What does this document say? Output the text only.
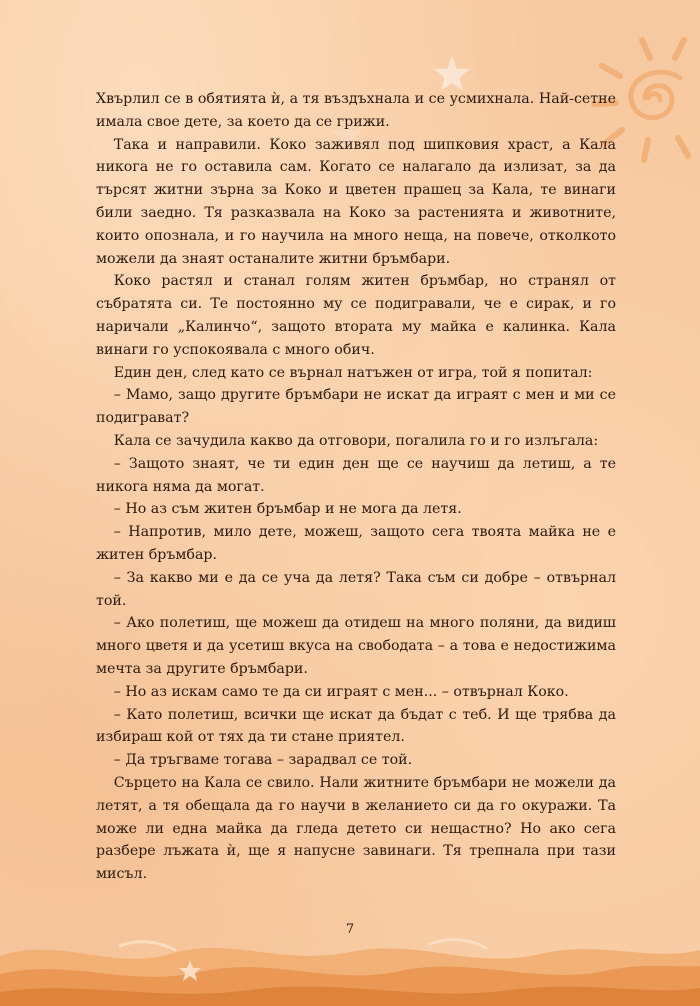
Хвърлил се в обятията ѝ, а тя въздъхнала и се усмихнала. Най-сетне имала свое дете, за което да се грижи.

Така и направили. Коко заживял под шипковия храст, а Кала никога не го оставила сам. Когато се налагало да излизат, за да търсят житни зърна за Коко и цветен прашец за Кала, те винаги били заедно. Тя разказвала на Коко за растенията и животните, които опознала, и го научила на много неща, на повече, отколкото можели да знаят останалите житни бръмбари.

Коко растял и станал голям житен бръмбар, но странял от събратята си. Те постоянно му се подигравали, че е сирак, и го наричали „Калинчо“, защото втората му майка е калинка. Кала винаги го успокоявала с много обич.

Един ден, след като се върнал натъжен от игра, той я попитал:

– Мамо, защо другите бръмбари не искат да играят с мен и ми се подиграват?

Кала се зачудила какво да отговори, погалила го и го излъгала:

– Защото знаят, че ти един ден ще се научиш да летиш, а те никога няма да могат.

– Но аз съм житен бръмбар и не мога да летя.

– Напротив, мило дете, можеш, защото сега твоята майка не е житен бръмбар.

– За какво ми е да се уча да летя? Така съм си добре – отвърнал той.

– Ако полетиш, ще можеш да отидеш на много поляни, да видиш много цветя и да усетиш вкуса на свободата – а това е недостижима мечта за другите бръмбари.

– Но аз искам само те да си играят с мен... – отвърнал Коко.

– Като полетиш, всички ще искат да бъдат с теб. И ще трябва да избираш кой от тях да ти стане приятел.

– Да тръгваме тогава – зарадвал се той.

Сърцето на Кала се свило. Нали житните бръмбари не можели да летят, а тя обещала да го научи в желанието си да го окуражи. Та може ли една майка да гледа детето си нещастно? Но ако сега разбере лъжата ѝ, ще я напусне завинаги. Тя трепнала при тази мисъл.

7
